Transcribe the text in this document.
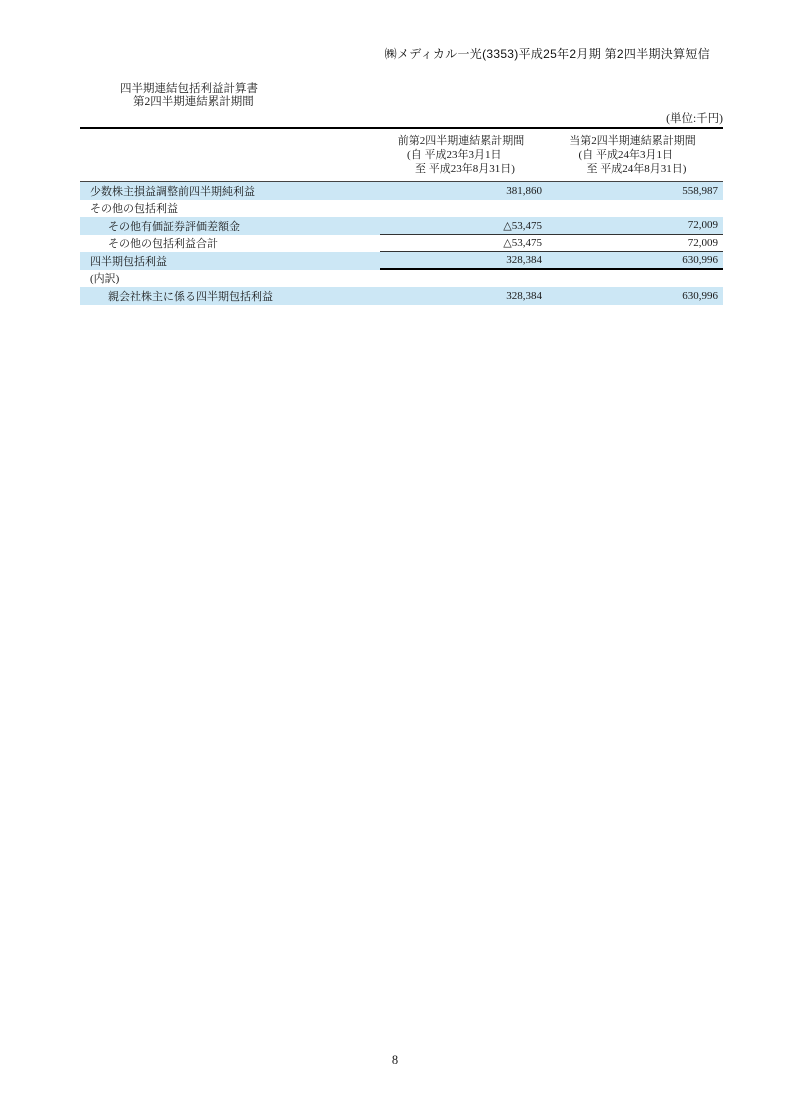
㈱メディカル一光(3353)平成25年2月期 第2四半期決算短信
四半期連結包括利益計算書
第2四半期連結累計期間
(単位:千円)
前第2四半期連結累計期間
(自 平成23年3月1日
至 平成23年8月31日)
当第2四半期連結累計期間
(自 平成24年3月1日
至 平成24年8月31日)
少数株主損益調整前四半期純利益	381,860	558,987
その他の包括利益
その他有価証券評価差額金	△53,475	72,009
その他の包括利益合計	△53,475	72,009
四半期包括利益	328,384	630,996
(内訳)
親会社株主に係る四半期包括利益	328,384	630,996
8
